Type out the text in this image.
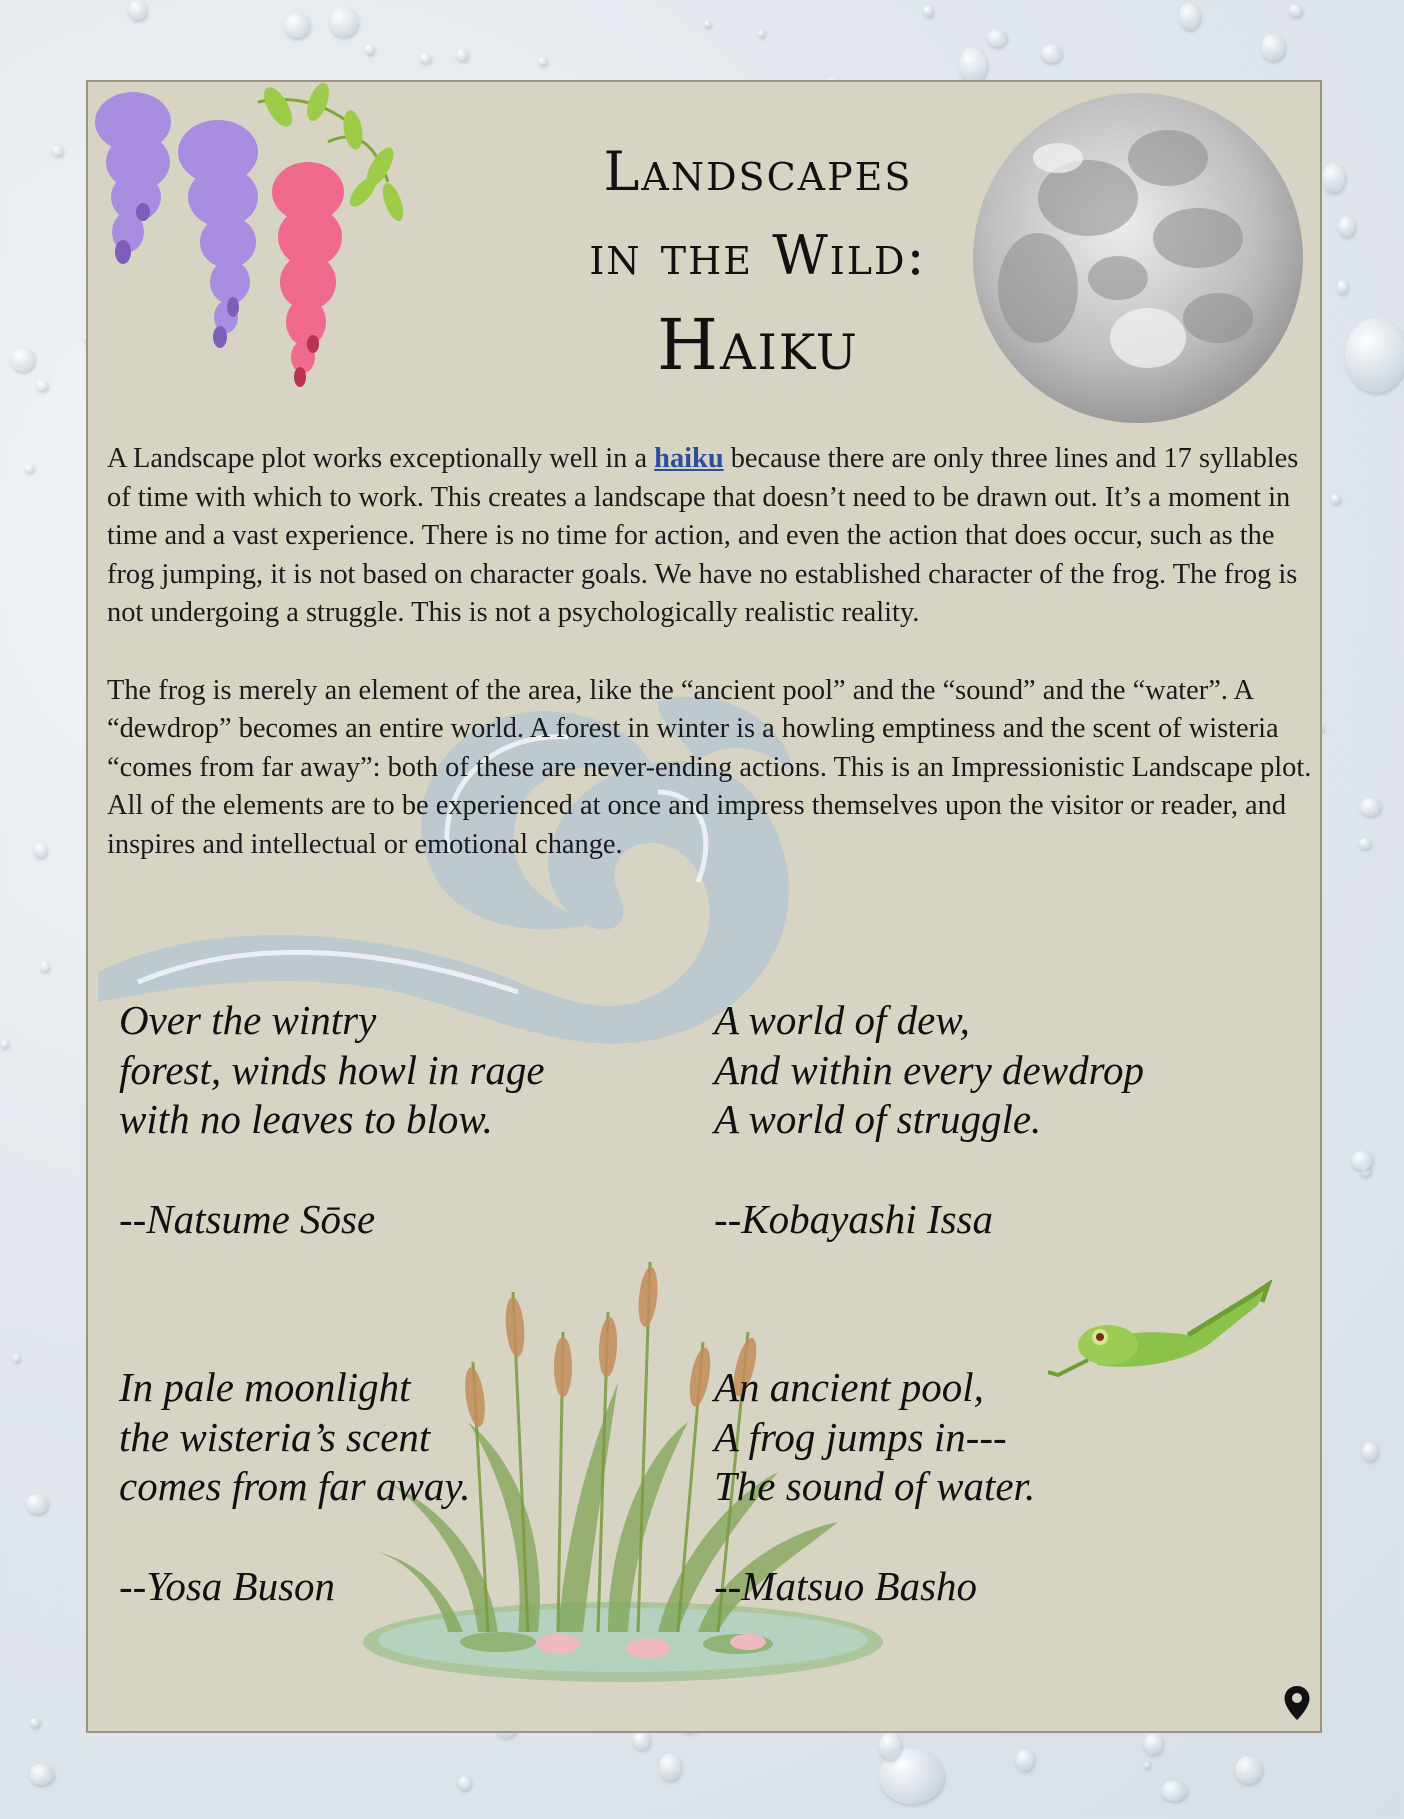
Landscapes
in the Wild:
Haiku

A Landscape plot works exceptionally well in a haiku because there are only three lines and 17 syllables of time with which to work. This creates a landscape that doesn’t need to be drawn out. It’s a moment in time and a vast experience. There is no time for action, and even the action that does occur, such as the frog jumping, it is not based on character goals. We have no established character of the frog. The frog is not undergoing a struggle. This is not a psychologically realistic reality.

The frog is merely an element of the area, like the “ancient pool” and the “sound” and the “water”. A “dewdrop” becomes an entire world. A forest in winter is a howling emptiness and the scent of wisteria “comes from far away”: both of these are never-ending actions. This is an Impressionistic Landscape plot. All of the elements are to be experienced at once and impress themselves upon the visitor or reader, and inspires and intellectual or emotional change.

Over the wintry
forest, winds howl in rage
with no leaves to blow.
--Natsume Sōse
A world of dew,
And within every dewdrop
A world of struggle.
--Kobayashi Issa
In pale moonlight
the wisteria’s scent
comes from far away.
--Yosa Buson
An ancient pool,
A frog jumps in---
The sound of water.
--Matsuo Basho
